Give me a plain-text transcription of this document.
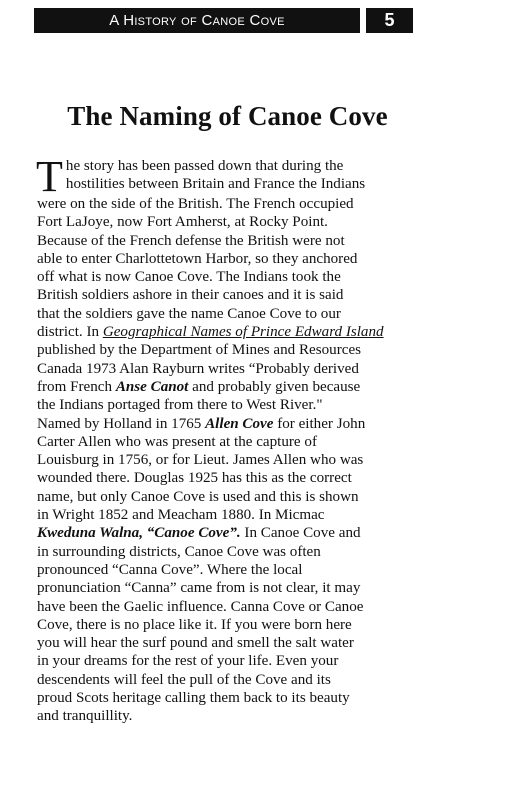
A History of Canoe Cove	5
The Naming of Canoe Cove
T he story has been passed down that during the
hostilities between Britain and France the Indians
were on the side of the British. The French occupied
Fort LaJoye, now Fort Amherst, at Rocky Point.
Because of the French defense the British were not
able to enter Charlottetown Harbor, so they anchored
off what is now Canoe Cove. The Indians took the
British soldiers ashore in their canoes and it is said
that the soldiers gave the name Canoe Cove to our
district. In Geographical Names of Prince Edward Island
published by the Department of Mines and Resources
Canada 1973 Alan Rayburn writes “Probably derived
from French Anse Canot and probably given because
the Indians portaged from there to West River."
Named by Holland in 1765 Allen Cove for either John
Carter Allen who was present at the capture of
Louisburg in 1756, or for Lieut. James Allen who was
wounded there. Douglas 1925 has this as the correct
name, but only Canoe Cove is used and this is shown
in Wright 1852 and Meacham 1880. In Micmac
Kweduna Walna, “Canoe Cove”. In Canoe Cove and
in surrounding districts, Canoe Cove was often
pronounced “Canna Cove”. Where the local
pronunciation “Canna” came from is not clear, it may
have been the Gaelic influence. Canna Cove or Canoe
Cove, there is no place like it. If you were born here
you will hear the surf pound and smell the salt water
in your dreams for the rest of your life. Even your
descendents will feel the pull of the Cove and its
proud Scots heritage calling them back to its beauty
and tranquillity.
